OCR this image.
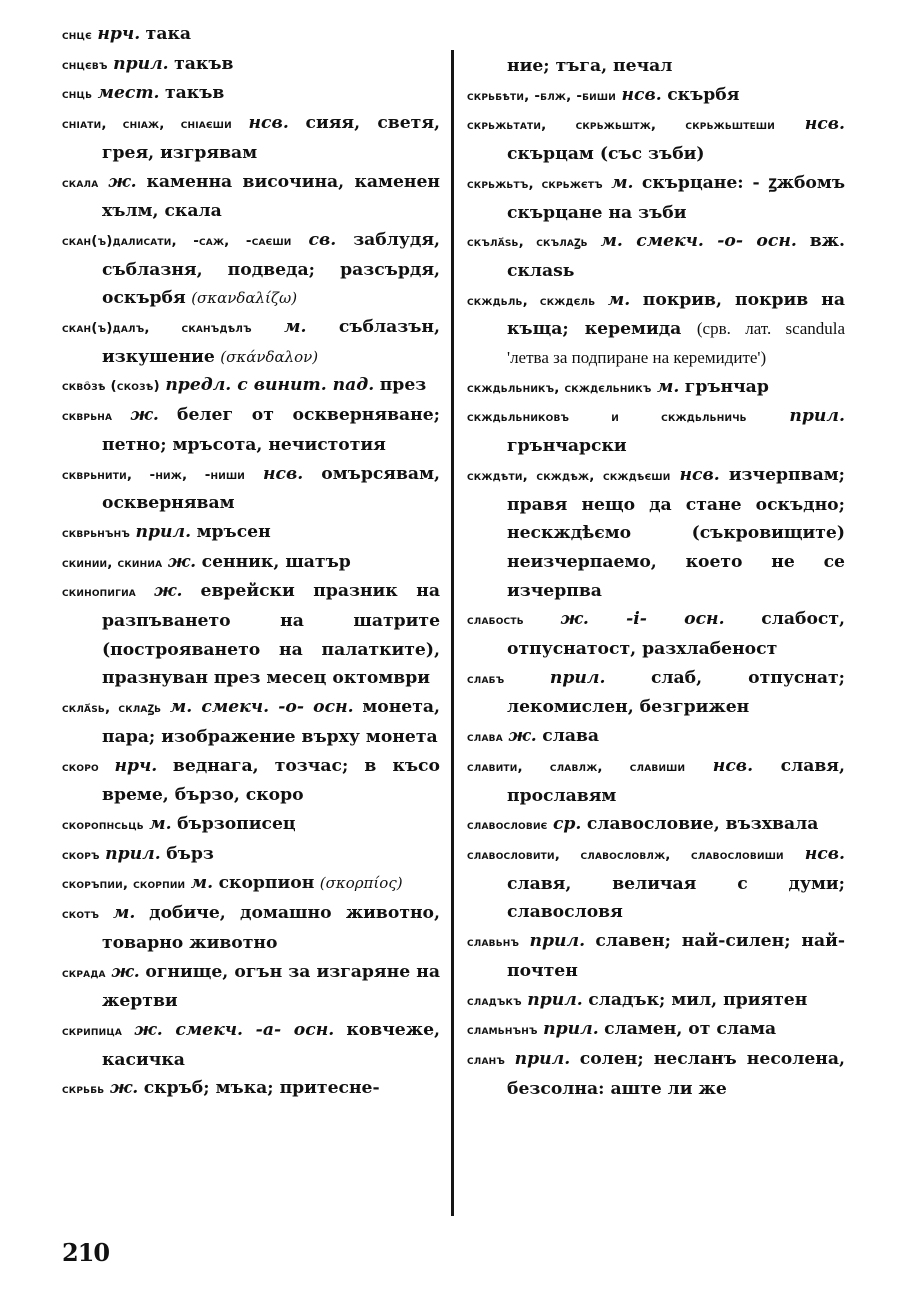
снцє нрч. така
снцєвъ прил. такъв
снць мест. такъв
сніати, сніаж, сніаєши нсв. сияя, светя, грея, изгрявам
скала ж. каменна височина, каменен хълм, скала
скан(ъ)далисати, -саж, -саєши св. заблудя, съблазня, подведа; разсърдя, оскърбя (σκανδαλίζω)
скан(ъ)далъ, сканъдѣлъ м. съблазън, изкушение (σκάνδαλον)
скво҄зѣ (скозѣ) предл. с винит. пад. през
скврьна ж. белег от оскверняване; петно; мръсота, нечистотия
скврьнити, -ниж, -ниши нсв. омърсявам, осквернявам
скврьнънъ прил. мръсен
скинии, скиниа ж. сенник, шатър
скинопигиа ж. еврейски празник на разпъването на шатрите (построяването на палатките), празнуван през месец октомври
скла҃ѕь, склаꙁь м. смекч. -о- осн. монета, пара; изображение върху монета
скоро нрч. веднага, тозчас; в късо време, бързо, скоро
скоропнсьць м. бързописец
скоръ прил. бърз
скоръпии, скорпии м. скорпион (σκορπίος)
скотъ м. добиче, домашно животно, товарно животно
скрада ж. огнище, огън за изгаряне на жертви
скрипица ж. смекч. -а- осн. ковчеже, касичка
скрьбь ж. скръб; мъка; притесне-
ние; тъга, печал
скрьбѣти, -блж, -биши нсв. скърбя
скрьжьтати, скрьжьштж, скрьжьштеши нсв. скърцам (със зъби)
скрьжьтъ, скрьжєтъ м. скърцане: - ꙁжбомъ скърцане на зъби
скъла҃ѕь, скълаꙁь м. смекч. -о- осн. вж. склаѕь
скждьль, скждєль м. покрив, покрив на къща; керемида (срв. лат. scandula 'летва за подпиране на керемидите')
скждьльникъ, скждєльникъ м. грънчар
скждьльниковъ и скждьльничь прил. грънчарски
скждѣти, скждѣж, скждѣєши нсв. изчерпвам; правя нещо да стане оскъдно; нескждѣємо (съкровищите) неизчерпаемо, което не се изчерпва
слабость ж. -i- осн. слабост, отпуснатост, разхлабеност
слабъ	прил.	слаб, отпуснат; лекомислен, безгрижен
слава ж. слава
славити, славлж, славиши нсв. славя, прославям
славословиє ср. славословие, възхвала
славословити, славословлж, славословиши нсв. славя, величая с думи; славословя
славьнъ прил. славен; най-силен; най-почтен
сладъкъ прил. сладък; мил, приятен
сламьнънъ прил. сламен, от слама
сланъ прил. солен; несланъ несолена, безсолна: аште ли же
210
